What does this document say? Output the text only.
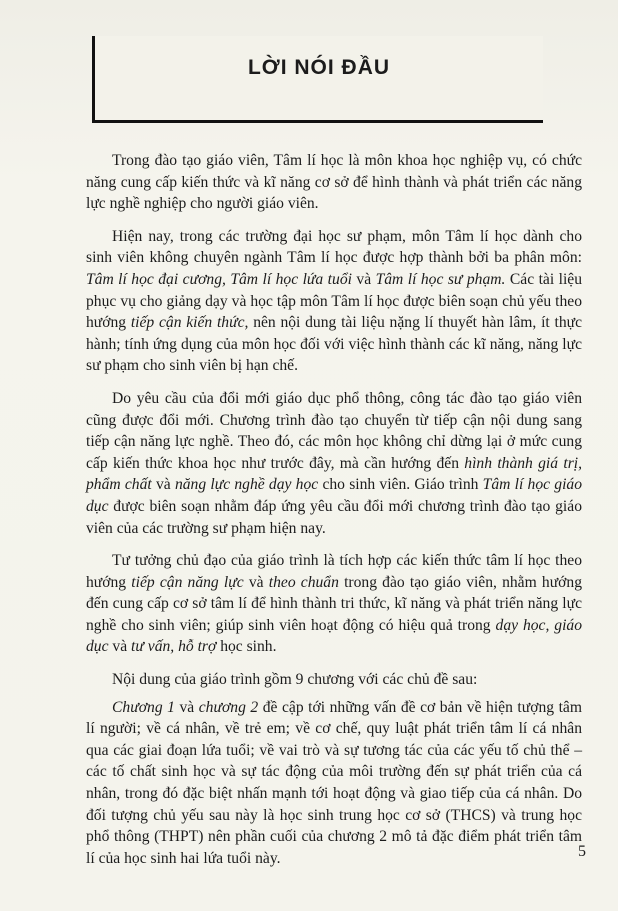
LỜI NÓI ĐẦU

Trong đào tạo giáo viên, Tâm lí học là môn khoa học nghiệp vụ, có chức năng cung cấp kiến thức và kĩ năng cơ sở để hình thành và phát triển các năng lực nghề nghiệp cho người giáo viên.

Hiện nay, trong các trường đại học sư phạm, môn Tâm lí học dành cho sinh viên không chuyên ngành Tâm lí học được hợp thành bởi ba phân môn: Tâm lí học đại cương, Tâm lí học lứa tuổi và Tâm lí học sư phạm. Các tài liệu phục vụ cho giảng dạy và học tập môn Tâm lí học được biên soạn chủ yếu theo hướng tiếp cận kiến thức, nên nội dung tài liệu nặng lí thuyết hàn lâm, ít thực hành; tính ứng dụng của môn học đối với việc hình thành các kĩ năng, năng lực sư phạm cho sinh viên bị hạn chế.

Do yêu cầu của đổi mới giáo dục phổ thông, công tác đào tạo giáo viên cũng được đổi mới. Chương trình đào tạo chuyển từ tiếp cận nội dung sang tiếp cận năng lực nghề. Theo đó, các môn học không chỉ dừng lại ở mức cung cấp kiến thức khoa học như trước đây, mà cần hướng đến hình thành giá trị, phẩm chất và năng lực nghề dạy học cho sinh viên. Giáo trình Tâm lí học giáo dục được biên soạn nhằm đáp ứng yêu cầu đổi mới chương trình đào tạo giáo viên của các trường sư phạm hiện nay.

Tư tưởng chủ đạo của giáo trình là tích hợp các kiến thức tâm lí học theo hướng tiếp cận năng lực và theo chuẩn trong đào tạo giáo viên, nhằm hướng đến cung cấp cơ sở tâm lí để hình thành tri thức, kĩ năng và phát triển năng lực nghề cho sinh viên; giúp sinh viên hoạt động có hiệu quả trong dạy học, giáo dục và tư vấn, hỗ trợ học sinh.

Nội dung của giáo trình gồm 9 chương với các chủ đề sau:

Chương 1 và chương 2 đề cập tới những vấn đề cơ bản về hiện tượng tâm lí người; về cá nhân, về trẻ em; về cơ chế, quy luật phát triển tâm lí cá nhân qua các giai đoạn lứa tuổi; về vai trò và sự tương tác của các yếu tố chủ thể – các tố chất sinh học và sự tác động của môi trường đến sự phát triển của cá nhân, trong đó đặc biệt nhấn mạnh tới hoạt động và giao tiếp của cá nhân. Do đối tượng chủ yếu sau này là học sinh trung học cơ sở (THCS) và trung học phổ thông (THPT) nên phần cuối của chương 2 mô tả đặc điểm phát triển tâm lí của học sinh hai lứa tuổi này.	5
